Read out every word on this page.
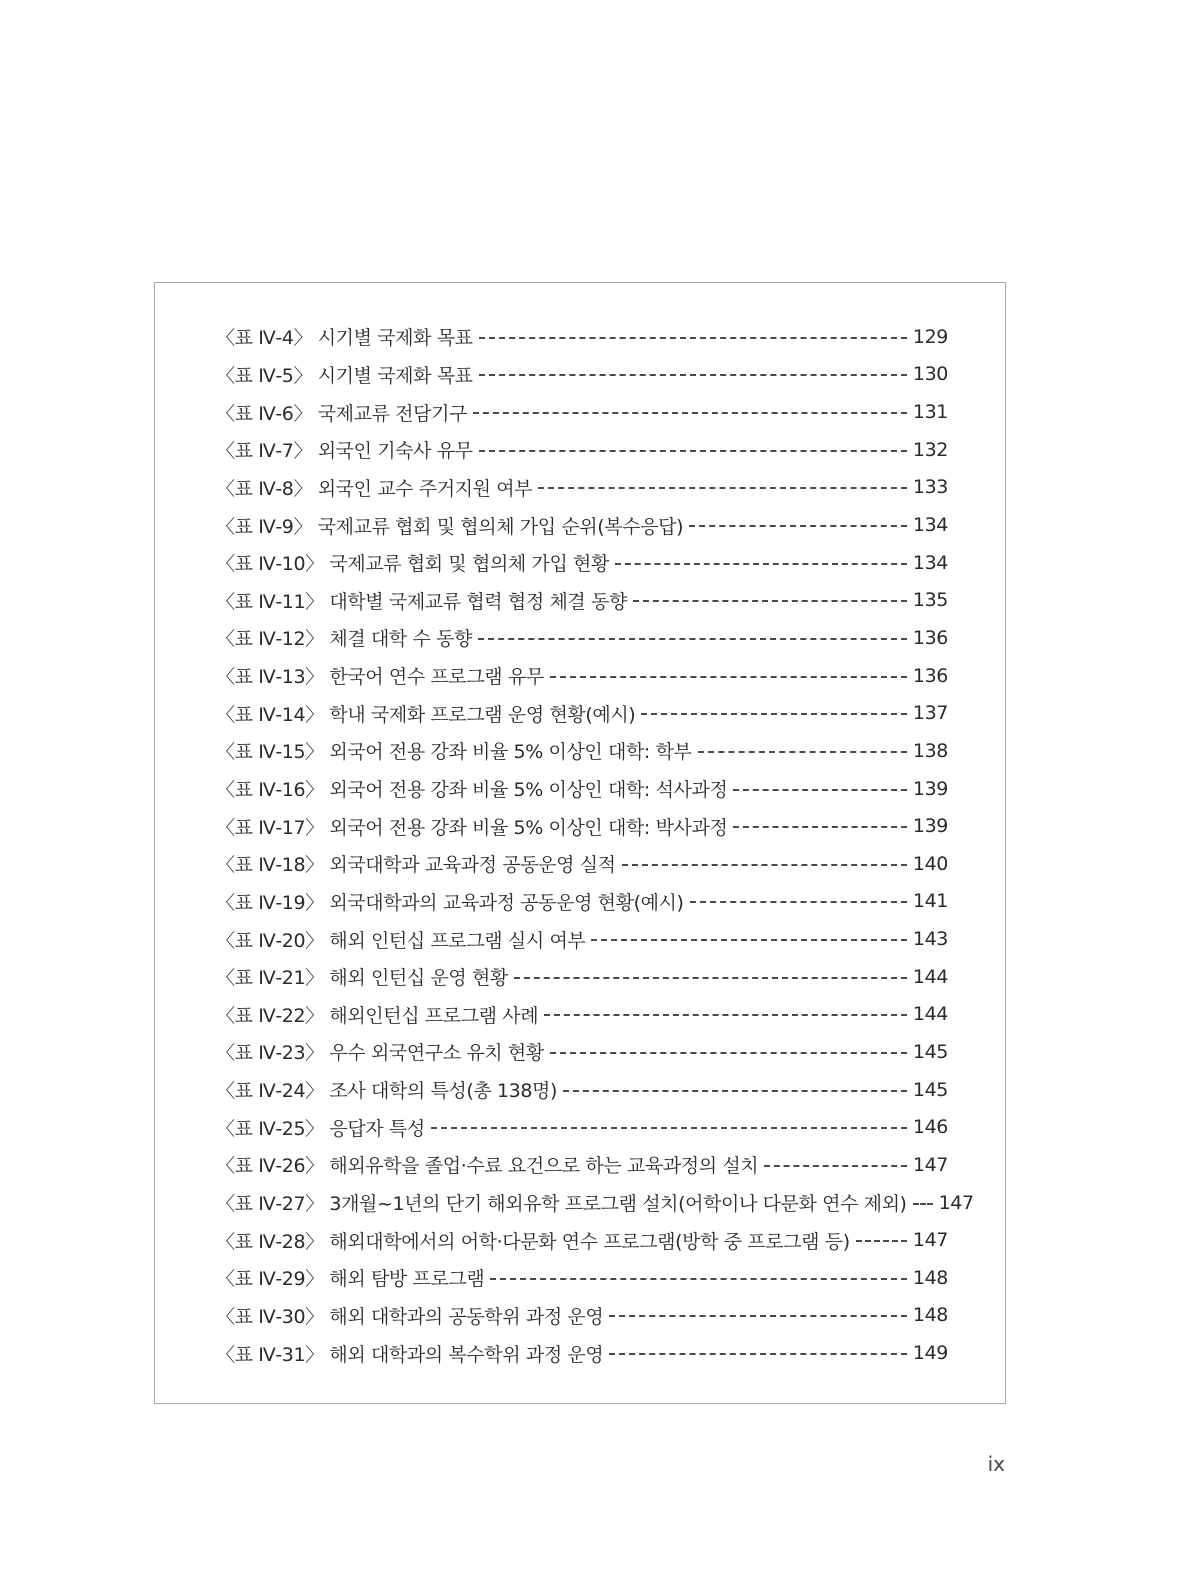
〈표 Ⅳ-4〉 시기별 국제화 목표	129
〈표 Ⅳ-5〉 시기별 국제화 목표	130
〈표 Ⅳ-6〉 국제교류 전담기구	131
〈표 Ⅳ-7〉 외국인 기숙사 유무	132
〈표 Ⅳ-8〉 외국인 교수 주거지원 여부	133
〈표 Ⅳ-9〉 국제교류 협회 및 협의체 가입 순위(복수응답)	134
〈표 Ⅳ-10〉 국제교류 협회 및 협의체 가입 현황	134
〈표 Ⅳ-11〉 대학별 국제교류 협력 협정 체결 동향	135
〈표 Ⅳ-12〉 체결 대학 수 동향	136
〈표 Ⅳ-13〉 한국어 연수 프로그램 유무	136
〈표 Ⅳ-14〉 학내 국제화 프로그램 운영 현황(예시)	137
〈표 Ⅳ-15〉 외국어 전용 강좌 비율 5% 이상인 대학: 학부	138
〈표 Ⅳ-16〉 외국어 전용 강좌 비율 5% 이상인 대학: 석사과정	139
〈표 Ⅳ-17〉 외국어 전용 강좌 비율 5% 이상인 대학: 박사과정	139
〈표 Ⅳ-18〉 외국대학과 교육과정 공동운영 실적	140
〈표 Ⅳ-19〉 외국대학과의 교육과정 공동운영 현황(예시)	141
〈표 Ⅳ-20〉 해외 인턴십 프로그램 실시 여부	143
〈표 Ⅳ-21〉 해외 인턴십 운영 현황	144
〈표 Ⅳ-22〉 해외인턴십 프로그램 사례	144
〈표 Ⅳ-23〉 우수 외국연구소 유치 현황	145
〈표 Ⅳ-24〉 조사 대학의 특성(총 138명)	145
〈표 Ⅳ-25〉 응답자 특성	146
〈표 Ⅳ-26〉 해외유학을 졸업·수료 요건으로 하는 교육과정의 설치	147
〈표 Ⅳ-27〉 3개월~1년의 단기 해외유학 프로그램 설치(어학이나 다문화 연수 제외) 147
〈표 Ⅳ-28〉 해외대학에서의 어학·다문화 연수 프로그램(방학 중 프로그램 등)	147
〈표 Ⅳ-29〉 해외 탐방 프로그램	148
〈표 Ⅳ-30〉 해외 대학과의 공동학위 과정 운영	148
〈표 Ⅳ-31〉 해외 대학과의 복수학위 과정 운영	149
ix
